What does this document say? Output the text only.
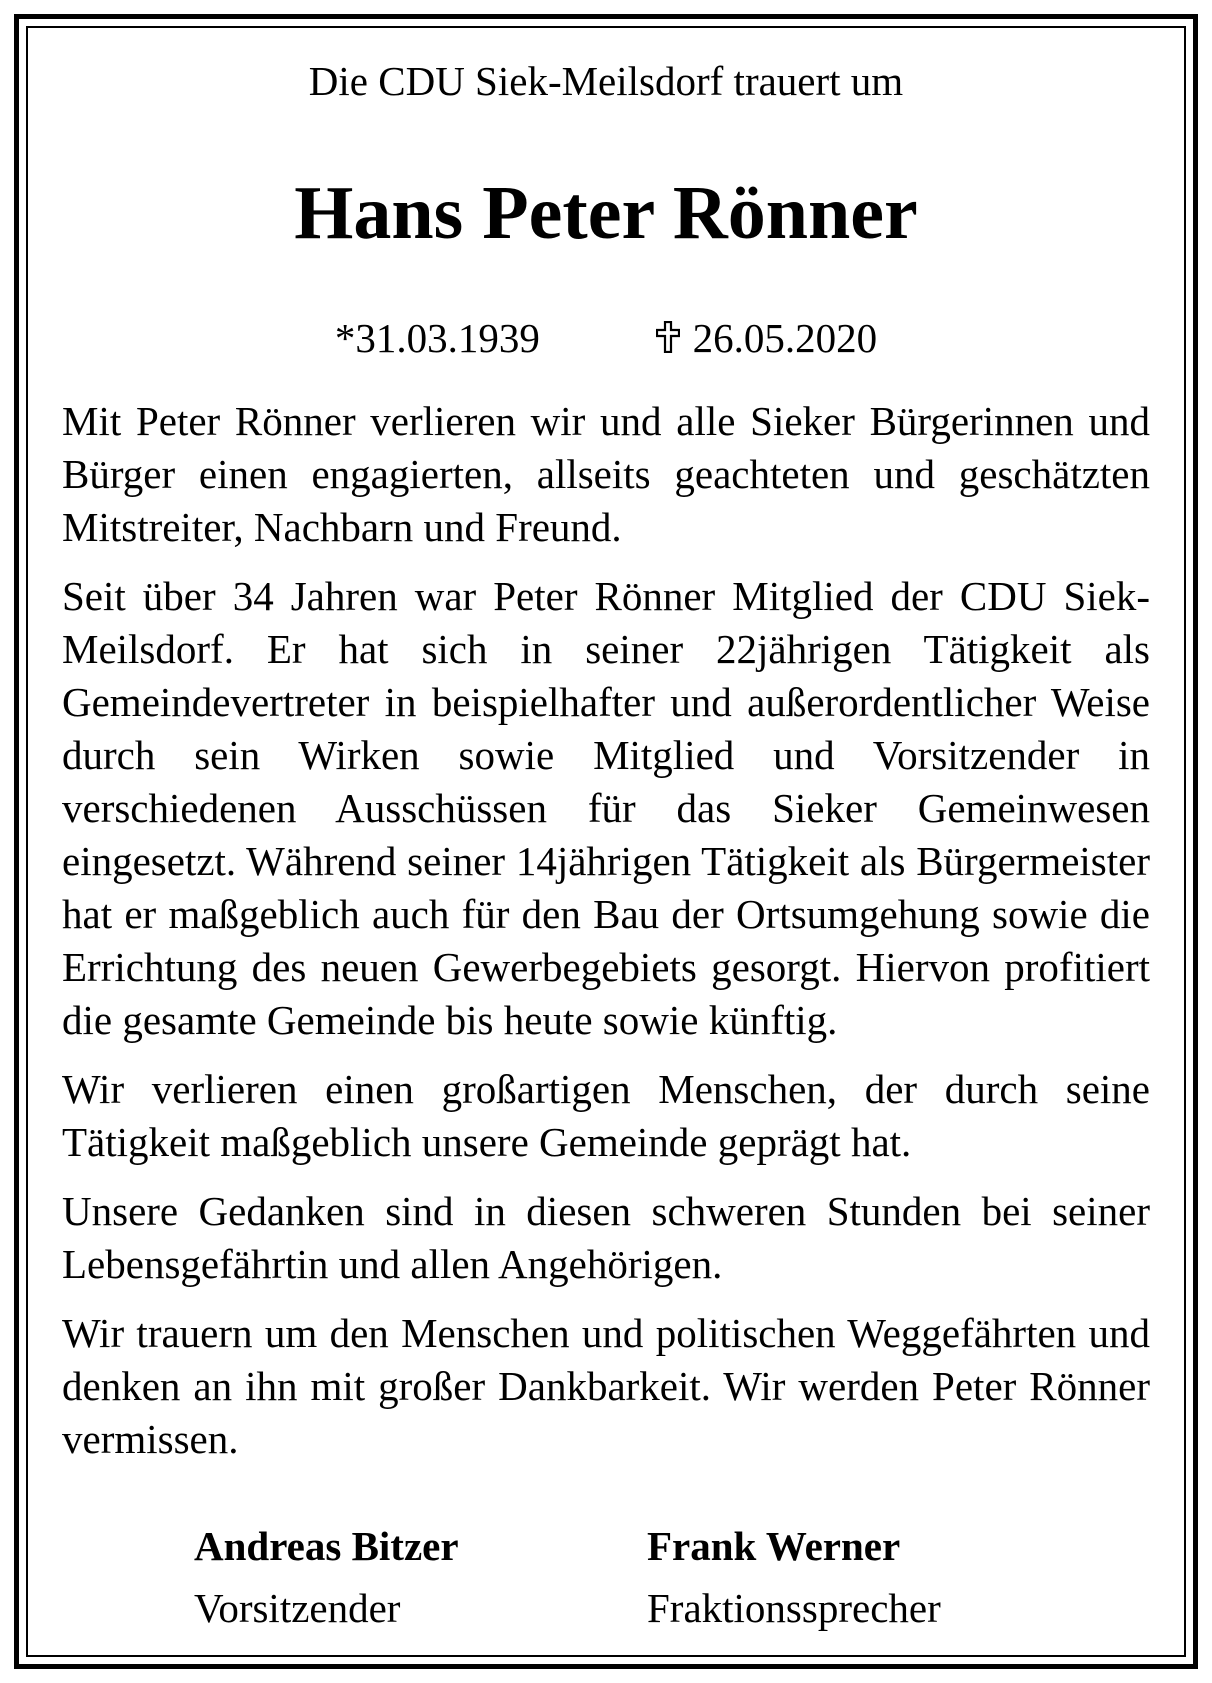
Die CDU Siek-Meilsdorf trauert um
Hans Peter Rönner
*31.03.1939	26.05.2020

Mit Peter Rönner verlieren wir und alle Sieker Bürgerinnen und Bürger einen engagierten, allseits geachteten und geschätzten Mitstreiter, Nachbarn und Freund.

Seit über 34 Jahren war Peter Rönner Mitglied der CDU Siek-Meilsdorf. Er hat sich in seiner 22jährigen Tätigkeit als Gemeindevertreter in beispielhafter und außerordentlicher Weise durch sein Wirken sowie Mitglied und Vorsitzender in verschiedenen Ausschüssen für das Sieker Gemeinwesen eingesetzt. Während seiner 14jährigen Tätigkeit als Bürgermeister hat er maßgeblich auch für den Bau der Ortsumgehung sowie die Errichtung des neuen Gewerbegebiets gesorgt. Hiervon profitiert die gesamte Gemeinde bis heute sowie künftig.

Wir verlieren einen großartigen Menschen, der durch seine Tätigkeit maßgeblich unsere Gemeinde geprägt hat.

Unsere Gedanken sind in diesen schweren Stunden bei seiner Lebensgefährtin und allen Angehörigen.

Wir trauern um den Menschen und politischen Weggefährten und denken an ihn mit großer Dankbarkeit. Wir werden Peter Rönner vermissen.

Andreas Bitzer
Vorsitzender
Frank Werner
Fraktionssprecher
